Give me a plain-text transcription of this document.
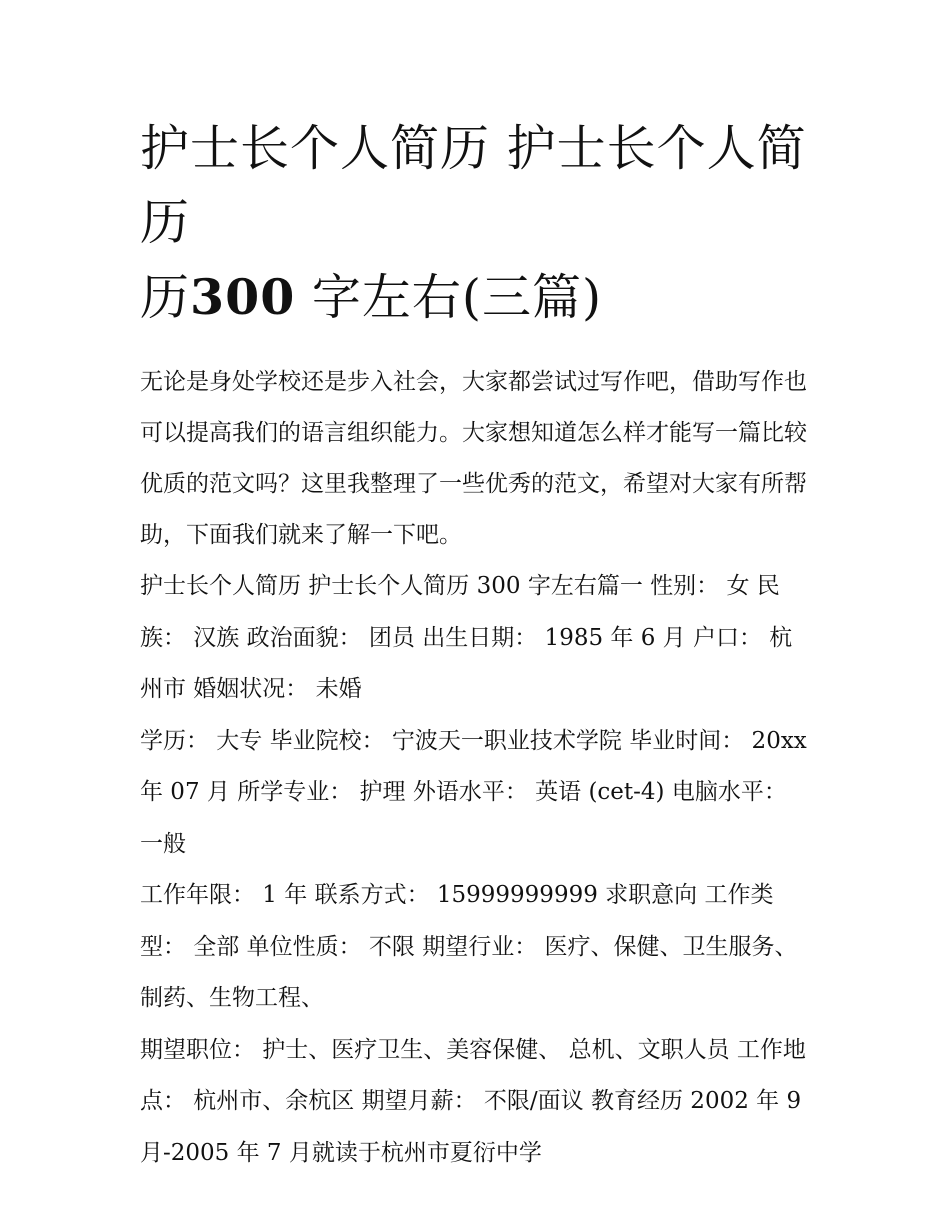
护士长个人简历 护士长个人简历
历300 字左右(三篇)

无论是身处学校还是步入社会，大家都尝试过写作吧，借助写作也可以提高我们的语言组织能力。大家想知道怎么样才能写一篇比较优质的范文吗？这里我整理了一些优秀的范文，希望对大家有所帮助，下面我们就来了解一下吧。

护士长个人简历 护士长个人简历 300 字左右篇一 性别： 女 民族： 汉族 政治面貌： 团员 出生日期： 1985 年 6 月 户口： 杭州市 婚姻状况： 未婚

学历： 大专 毕业院校： 宁波天一职业技术学院 毕业时间： 20xx 年 07 月 所学专业： 护理 外语水平： 英语 (cet-4) 电脑水平： 一般

工作年限： 1 年 联系方式： 15999999999 求职意向 工作类型： 全部 单位性质： 不限 期望行业： 医疗、保健、卫生服务、制药、生物工程、

期望职位： 护士、医疗卫生、美容保健、 总机、文职人员 工作地点： 杭州市、余杭区 期望月薪： 不限/面议 教育经历 2002 年 9 月-2005 年 7 月就读于杭州市夏衍中学
